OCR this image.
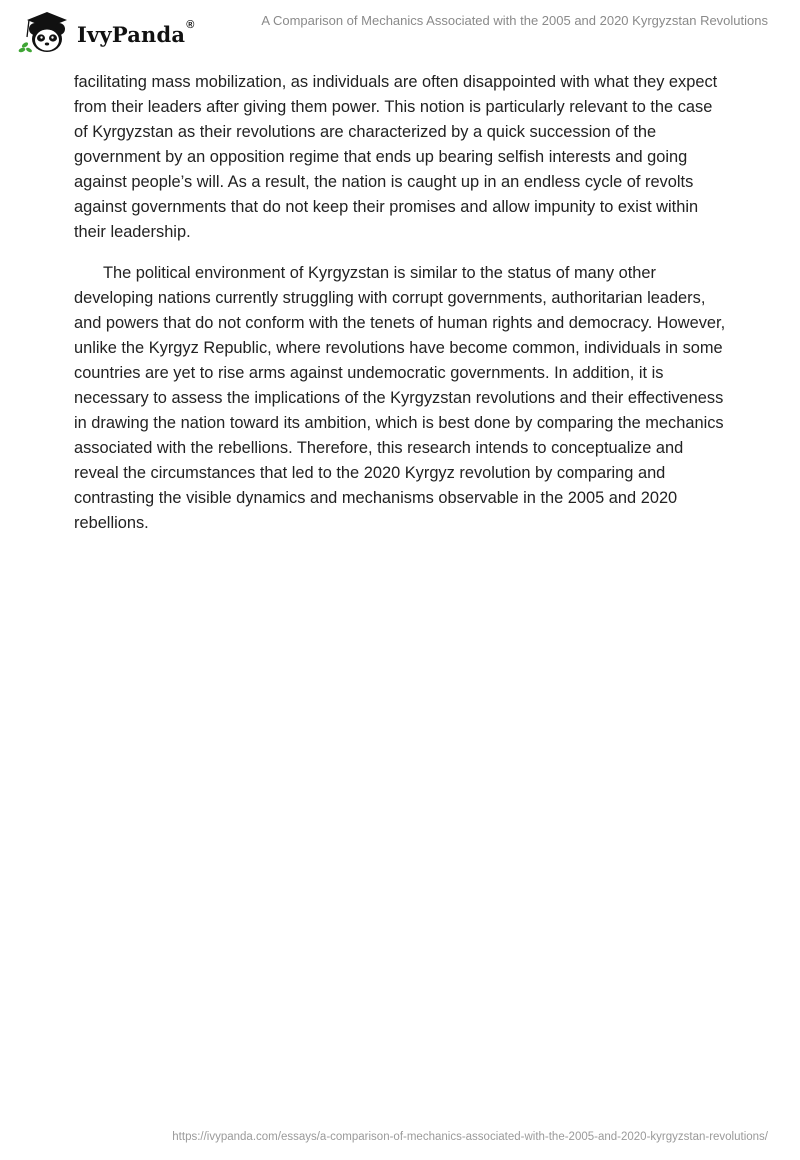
IvyPanda®	A Comparison of Mechanics Associated with the 2005 and 2020 Kyrgyzstan Revolutions

facilitating mass mobilization, as individuals are often disappointed with what they expect from their leaders after giving them power. This notion is particularly relevant to the case of Kyrgyzstan as their revolutions are characterized by a quick succession of the government by an opposition regime that ends up bearing selfish interests and going against people’s will. As a result, the nation is caught up in an endless cycle of revolts against governments that do not keep their promises and allow impunity to exist within their leadership.

The political environment of Kyrgyzstan is similar to the status of many other developing nations currently struggling with corrupt governments, authoritarian leaders, and powers that do not conform with the tenets of human rights and democracy. However, unlike the Kyrgyz Republic, where revolutions have become common, individuals in some countries are yet to rise arms against undemocratic governments. In addition, it is necessary to assess the implications of the Kyrgyzstan revolutions and their effectiveness in drawing the nation toward its ambition, which is best done by comparing the mechanics associated with the rebellions. Therefore, this research intends to conceptualize and reveal the circumstances that led to the 2020 Kyrgyz revolution by comparing and contrasting the visible dynamics and mechanisms observable in the 2005 and 2020 rebellions.

https://ivypanda.com/essays/a-comparison-of-mechanics-associated-with-the-2005-and-2020-kyrgyzstan-revolutions/
